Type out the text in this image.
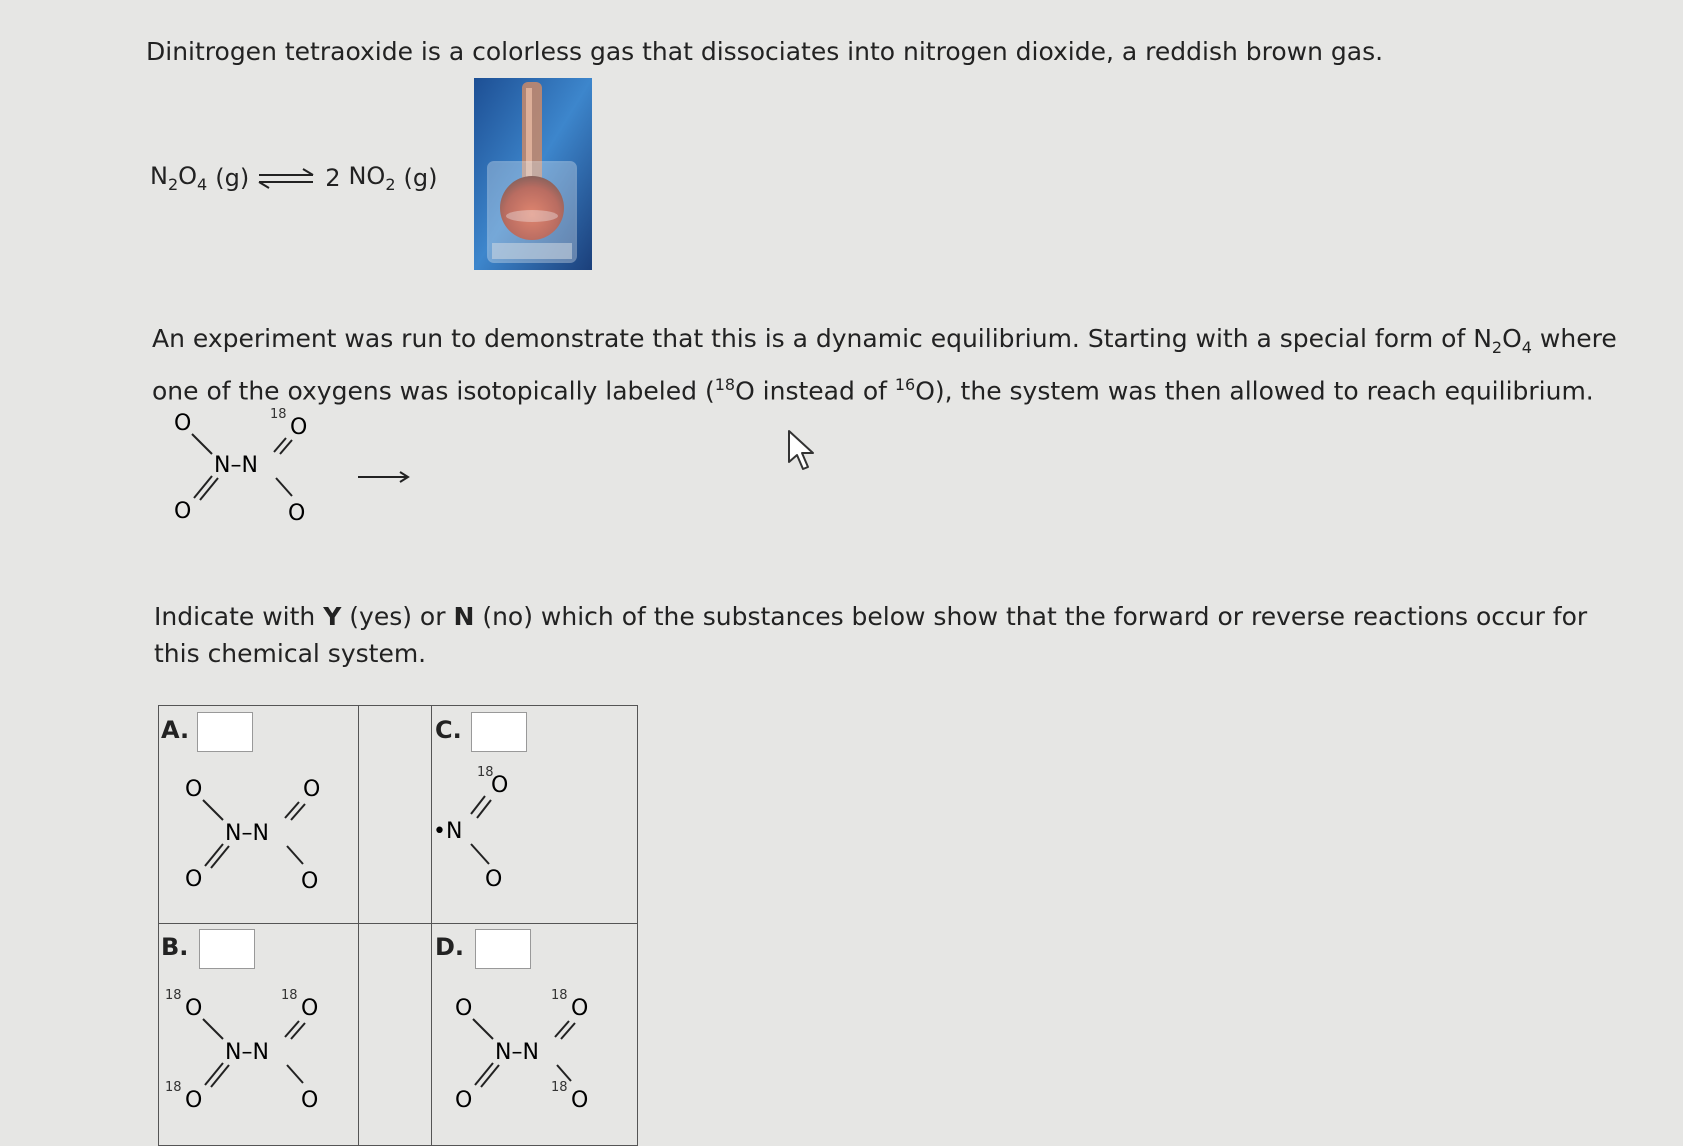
Dinitrogen tetraoxide is a colorless gas that dissociates into nitrogen dioxide, a reddish brown gas.
$N_2O_4$ (g) ⇌ 2 $NO_2$ (g)
An experiment was run to demonstrate that this is a dynamic equilibrium. Starting with a special form of $N_2O_4$ where
one of the oxygens was isotopically labeled ($^{18}$O instead of $^{16}$O), the system was then allowed to reach equilibrium.
O	18
O
N–N
O	O
Indicate with Y (yes) or N (no) which of the substances below show that the forward or reverse reactions occur for
this chemical system.
A.
O	O
N–N
O	O
C.
18
O
•N
O
B.
18
O
18
O
N–N
18
O	O
D.
O
18
O
N–N
O
18
O
